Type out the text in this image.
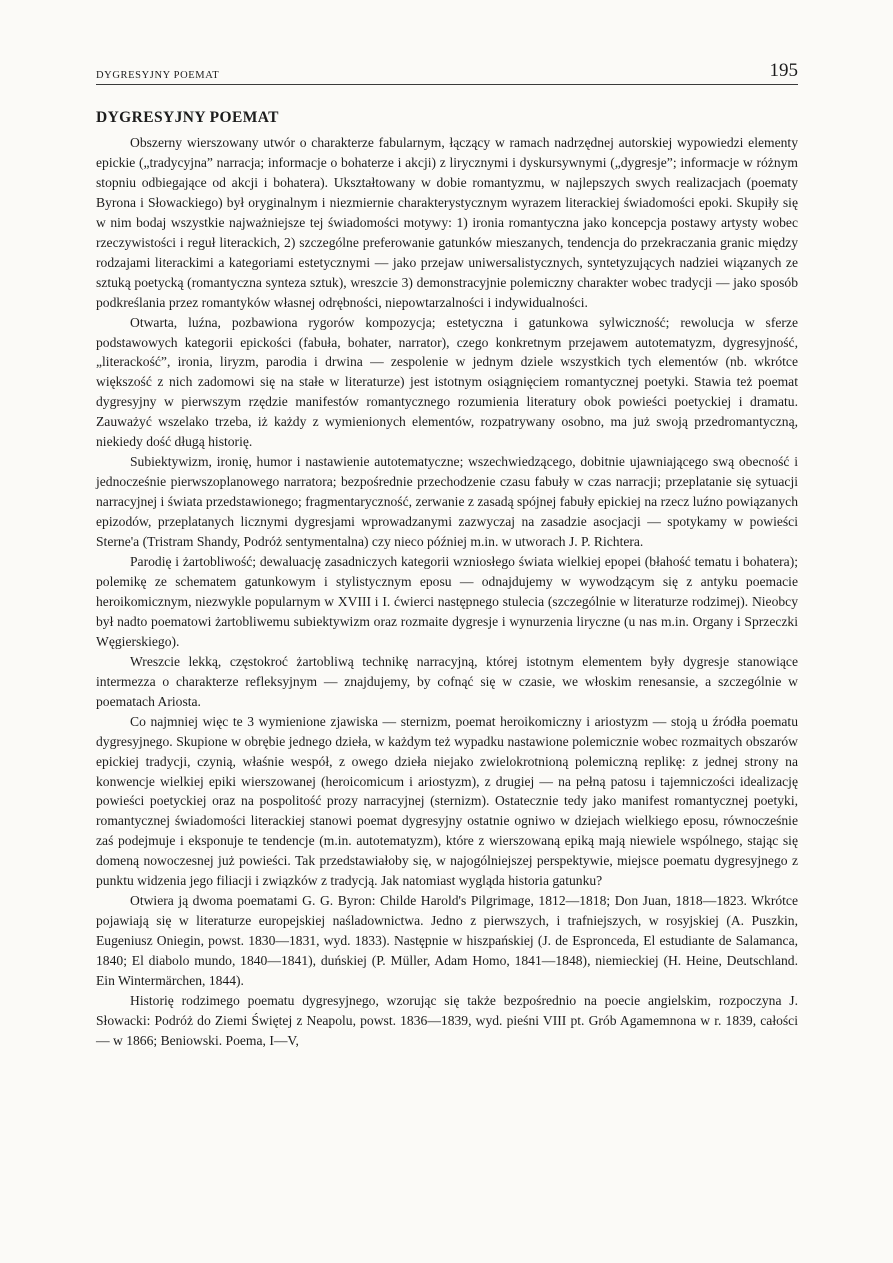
DYGRESYJNY POEMAT	195
DYGRESYJNY POEMAT

Obszerny wierszowany utwór o charakterze fabularnym, łączący w ramach nadrzędnej autorskiej wypowiedzi elementy epickie („tradycyjna” narracja; informacje o bohaterze i akcji) z lirycznymi i dyskursywnymi („dygresje”; informacje w różnym stopniu odbiegające od akcji i bohatera). Ukształtowany w dobie romantyzmu, w najlepszych swych realizacjach (poematy Byrona i Słowackiego) był oryginalnym i niezmiernie charakterystycznym wyrazem literackiej świadomości epoki. Skupiły się w nim bodaj wszystkie najważniejsze tej świadomości motywy: 1) ironia romantyczna jako koncepcja postawy artysty wobec rzeczywistości i reguł literackich, 2) szczególne preferowanie gatunków mieszanych, tendencja do przekraczania granic między rodzajami literackimi a kategoriami estetycznymi — jako przejaw uniwersalistycznych, syntetyzujących nadziei wiązanych ze sztuką poetycką (romantyczna synteza sztuk), wreszcie 3) demonstracyjnie polemiczny charakter wobec tradycji — jako sposób podkreślania przez romantyków własnej odrębności, niepowtarzalności i indywidualności.

Otwarta, luźna, pozbawiona rygorów kompozycja; estetyczna i gatunkowa sylwiczność; rewolucja w sferze podstawowych kategorii epickości (fabuła, bohater, narrator), czego konkretnym przejawem autotematyzm, dygresyjność, „literackość”, ironia, liryzm, parodia i drwina — zespolenie w jednym dziele wszystkich tych elementów (nb. wkrótce większość z nich zadomowi się na stałe w literaturze) jest istotnym osiągnięciem romantycznej poetyki. Stawia też poemat dygresyjny w pierwszym rzędzie manifestów romantycznego rozumienia literatury obok powieści poetyckiej i dramatu. Zauważyć wszelako trzeba, iż każdy z wymienionych elementów, rozpatrywany osobno, ma już swoją przedromantyczną, niekiedy dość długą historię.

Subiektywizm, ironię, humor i nastawienie autotematyczne; wszechwiedzącego, dobitnie ujawniającego swą obecność i jednocześnie pierwszoplanowego narratora; bezpośrednie przechodzenie czasu fabuły w czas narracji; przeplatanie się sytuacji narracyjnej i świata przedstawionego; fragmentaryczność, zerwanie z zasadą spójnej fabuły epickiej na rzecz luźno powiązanych epizodów, przeplatanych licznymi dygresjami wprowadzanymi zazwyczaj na zasadzie asocjacji — spotykamy w powieści Sterne'a (Tristram Shandy, Podróż sentymentalna) czy nieco później m.in. w utworach J. P. Richtera.

Parodię i żartobliwość; dewaluację zasadniczych kategorii wzniosłego świata wielkiej epopei (błahość tematu i bohatera); polemikę ze schematem gatunkowym i stylistycznym eposu — odnajdujemy w wywodzącym się z antyku poemacie heroikomicznym, niezwykle popularnym w XVIII i I. ćwierci następnego stulecia (szczególnie w literaturze rodzimej). Nieobcy był nadto poematowi żartobliwemu subiektywizm oraz rozmaite dygresje i wynurzenia liryczne (u nas m.in. Organy i Sprzeczki Węgierskiego).

Wreszcie lekką, częstokroć żartobliwą technikę narracyjną, której istotnym elementem były dygresje stanowiące intermezza o charakterze refleksyjnym — znajdujemy, by cofnąć się w czasie, we włoskim renesansie, a szczególnie w poematach Ariosta.

Co najmniej więc te 3 wymienione zjawiska — sternizm, poemat heroikomiczny i ariostyzm — stoją u źródła poematu dygresyjnego. Skupione w obrębie jednego dzieła, w każdym też wypadku nastawione polemicznie wobec rozmaitych obszarów epickiej tradycji, czynią, właśnie wespół, z owego dzieła niejako zwielokrotnioną polemiczną replikę: z jednej strony na konwencje wielkiej epiki wierszowanej (heroicomicum i ariostyzm), z drugiej — na pełną patosu i tajemniczości idealizację powieści poetyckiej oraz na pospolitość prozy narracyjnej (sternizm). Ostatecznie tedy jako manifest romantycznej poetyki, romantycznej świadomości literackiej stanowi poemat dygresyjny ostatnie ogniwo w dziejach wielkiego eposu, równocześnie zaś podejmuje i eksponuje te tendencje (m.in. autotematyzm), które z wierszowaną epiką mają niewiele wspólnego, stając się domeną nowoczesnej już powieści. Tak przedstawiałoby się, w najogólniejszej perspektywie, miejsce poematu dygresyjnego z punktu widzenia jego filiacji i związków z tradycją. Jak natomiast wygląda historia gatunku?

Otwiera ją dwoma poematami G. G. Byron: Childe Harold's Pilgrimage, 1812—1818; Don Juan, 1818—1823. Wkrótce pojawiają się w literaturze europejskiej naśladownictwa. Jedno z pierwszych, i trafniejszych, w rosyjskiej (A. Puszkin, Eugeniusz Oniegin, powst. 1830—1831, wyd. 1833). Następnie w hiszpańskiej (J. de Espronceda, El estudiante de Salamanca, 1840; El diabolo mundo, 1840—1841), duńskiej (P. Müller, Adam Homo, 1841—1848), niemieckiej (H. Heine, Deutschland. Ein Wintermärchen, 1844).

Historię rodzimego poematu dygresyjnego, wzorując się także bezpośrednio na poecie angielskim, rozpoczyna J. Słowacki: Podróż do Ziemi Świętej z Neapolu, powst. 1836—1839, wyd. pieśni VIII pt. Grób Agamemnona w r. 1839, całości — w 1866; Beniowski. Poema, I—V,
